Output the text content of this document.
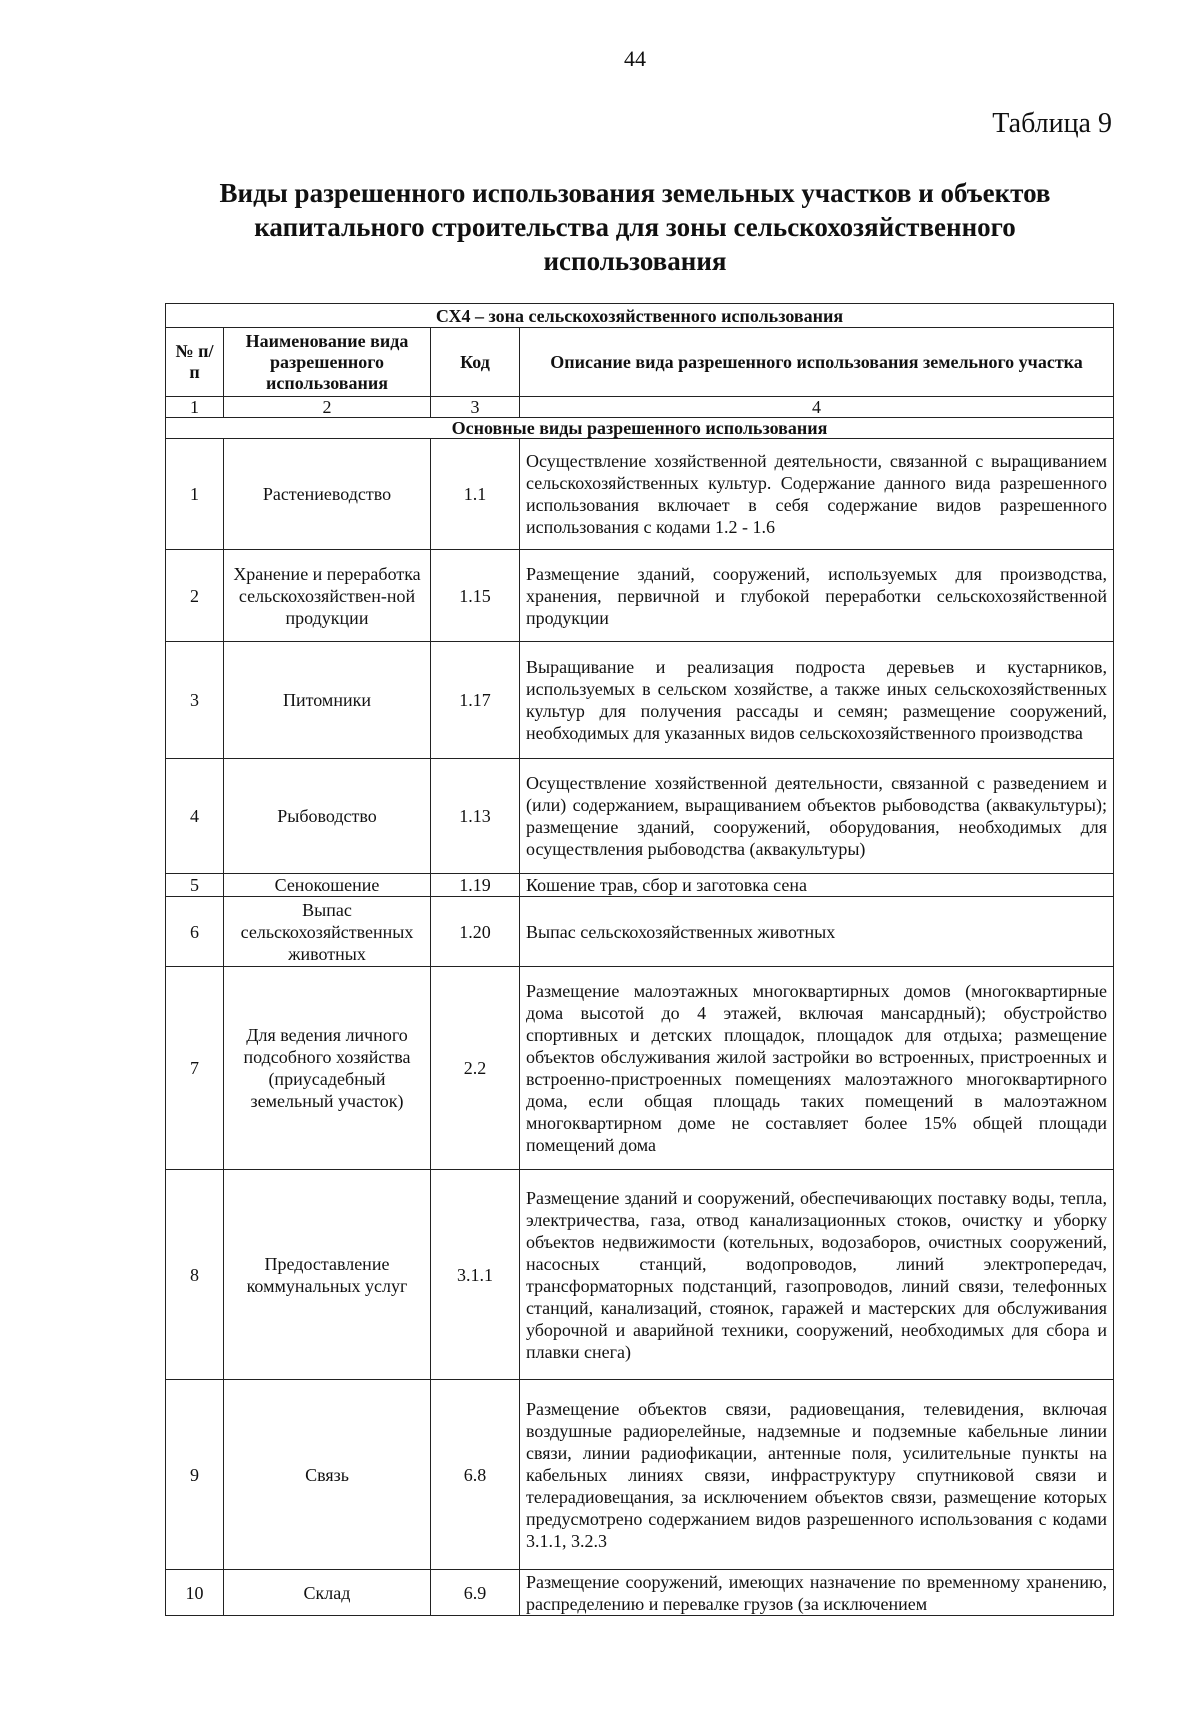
44
Таблица 9
Виды разрешенного использования земельных участков и объектов капитального строительства для зоны сельскохозяйственного использования
СХ4 – зона сельскохозяйственного использования			
№ п/п	Наименование вида разрешенного использования	Код	Описание вида разрешенного использования земельного участка
1	2	3	4
Основные виды разрешенного использования			
1	Растениеводство	1.1	Осуществление хозяйственной деятельности, связанной с выращиванием сельскохозяйственных культур. Содержание данного вида разрешенного использования включает в себя содержание видов разрешенного использования с кодами 1.2 - 1.6
2	Хранение и переработка сельскохозяйствен-ной продукции	1.15	Размещение зданий, сооружений, используемых для производства, хранения, первичной и глубокой переработки сельскохозяйственной продукции
3	Питомники	1.17	Выращивание и реализация подроста деревьев и кустарников, используемых в сельском хозяйстве, а также иных сельскохозяйственных культур для получения рассады и семян; размещение сооружений, необходимых для указанных видов сельскохозяйственного производства
4	Рыбоводство	1.13	Осуществление хозяйственной деятельности, связанной с разведением и (или) содержанием, выращиванием объектов рыбоводства (аквакультуры); размещение зданий, сооружений, оборудования, необходимых для осуществления рыбоводства (аквакультуры)
5	Сенокошение	1.19	Кошение трав, сбор и заготовка сена
6	Выпас сельскохозяйственных животных	1.20	Выпас сельскохозяйственных животных
7	Для ведения личного подсобного хозяйства (приусадебный земельный участок)	2.2	Размещение малоэтажных многоквартирных домов (многоквартирные дома высотой до 4 этажей, включая мансардный); обустройство спортивных и детских площадок, площадок для отдыха; размещение объектов обслуживания жилой застройки во встроенных, пристроенных и встроенно-пристроенных помещениях малоэтажного многоквартирного дома, если общая площадь таких помещений в малоэтажном многоквартирном доме не составляет более 15% общей площади помещений дома
8	Предоставление коммунальных услуг	3.1.1	Размещение зданий и сооружений, обеспечивающих поставку воды, тепла, электричества, газа, отвод канализационных стоков, очистку и уборку объектов недвижимости (котельных, водозаборов, очистных сооружений, насосных станций, водопроводов, линий электропередач, трансформаторных подстанций, газопроводов, линий связи, телефонных станций, канализаций, стоянок, гаражей и мастерских для обслуживания уборочной и аварийной техники, сооружений, необходимых для сбора и плавки снега)
9	Связь	6.8	Размещение объектов связи, радиовещания, телевидения, включая воздушные радиорелейные, надземные и подземные кабельные линии связи, линии радиофикации, антенные поля, усилительные пункты на кабельных линиях связи, инфраструктуру спутниковой связи и телерадиовещания, за исключением объектов связи, размещение которых предусмотрено содержанием видов разрешенного использования с кодами 3.1.1, 3.2.3
10	Склад	6.9	Размещение сооружений, имеющих назначение по временному хранению, распределению и перевалке грузов (за исключением
